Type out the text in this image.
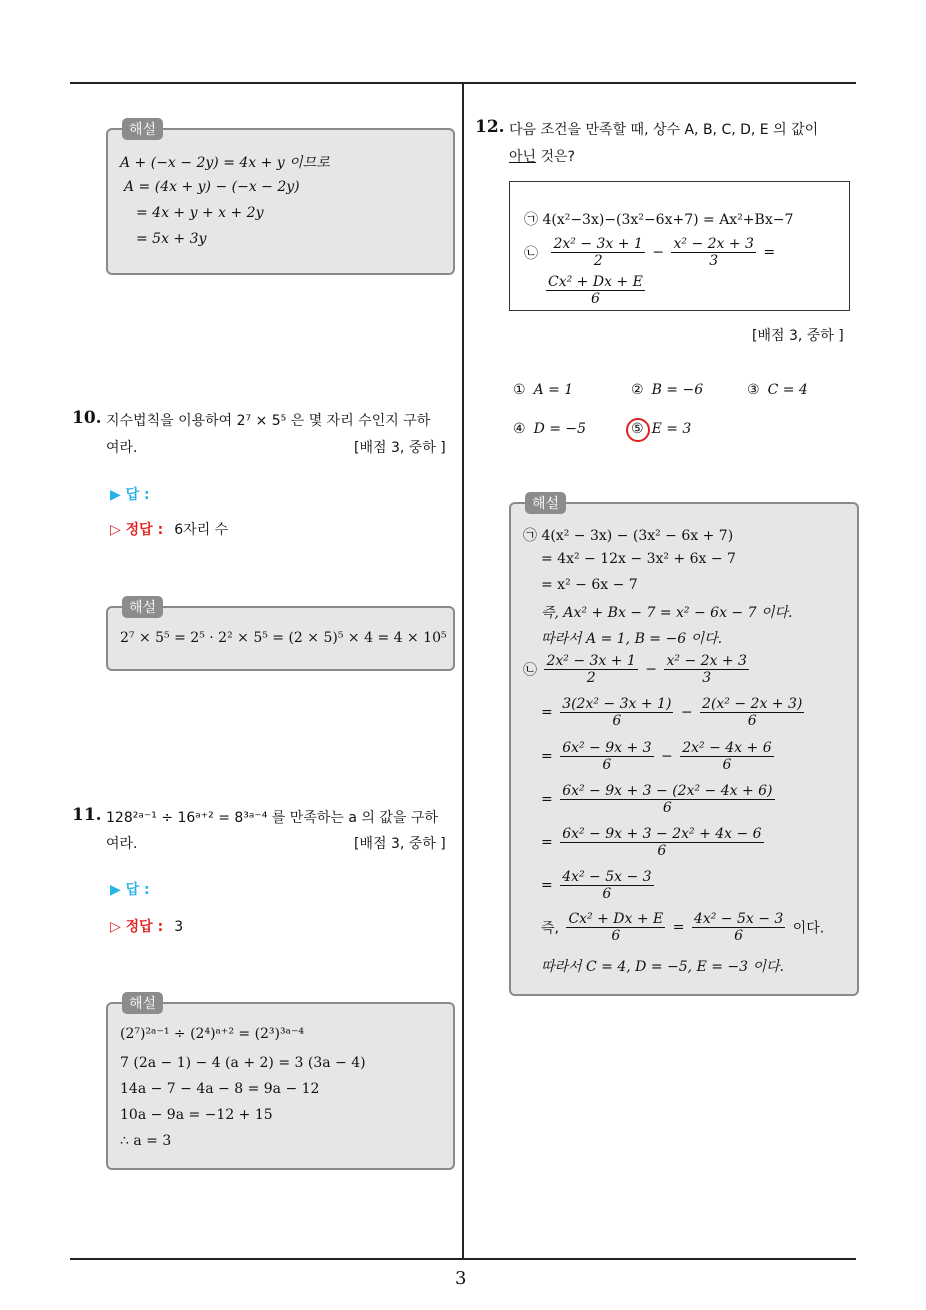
3
해설
A + (−x − 2y) = 4x + y 이므로
A = (4x + y) − (−x − 2y)
= 4x + y + x + 2y
= 5x + 3y
10. 지수법칙을 이용하여 2⁷ × 5⁵ 은 몇 자리 수인지 구하
여라.	[배점 3, 중하 ]
▶ 답 :
▷ 정답 : 6자리 수
해설
2⁷ × 5⁵ = 2⁵ · 2² × 5⁵ = (2 × 5)⁵ × 4 = 4 × 10⁵
11. 128²ᵃ⁻¹ ÷ 16ᵃ⁺² = 8³ᵃ⁻⁴ 를 만족하는 a 의 값을 구하
여라.	[배점 3, 중하 ]
▶ 답 :
▷ 정답 : 3
해설
(2⁷)²ᵃ⁻¹ ÷ (2⁴)ᵃ⁺² = (2³)³ᵃ⁻⁴
7 (2a − 1) − 4 (a + 2) = 3 (3a − 4)
14a − 7 − 4a − 8 = 9a − 12
10a − 9a = −12 + 15
∴ a = 3
12. 다음 조건을 만족할 때, 상수 A, B, C, D, E 의 값이
아닌 것은?
㉠ 4(x²−3x)−(3x²−6x+7) = Ax²+Bx−7
㉡ $\frac{\text{2x² − 3x + 1}}{2} - \frac{\text{x² − 2x + 3}}{3}$ =
$\frac{\text{Cx² + Dx + E}}{6}$
[배점 3, 중하 ]
① A = 1	② B = −6	③ C = 4
④ D = −5	⑤ E = 3
해설
㉠ 4(x² − 3x) − (3x² − 6x + 7)
= 4x² − 12x − 3x² + 6x − 7
= x² − 6x − 7
즉, Ax² + Bx − 7 = x² − 6x − 7 이다.
따라서 A = 1, B = −6 이다.
㉡ $\frac{\text{2x² − 3x + 1}}{2} - \frac{\text{x² − 2x + 3}}{3}$
= $\frac{\text{3(2x² − 3x + 1)}}{6} - \frac{\text{2(x² − 2x + 3)}}{6}$
= $\frac{\text{6x² − 9x + 3}}{6} - \frac{\text{2x² − 4x + 6}}{6}$
= $\frac{\text{6x² − 9x + 3 − (2x² − 4x + 6)}}{6}$
= $\frac{\text{6x² − 9x + 3 − 2x² + 4x − 6}}{6}$
= $\frac{\text{4x² − 5x − 3}}{6}$
즉, $\frac{\text{Cx² + Dx + E}}{6} = \frac{\text{4x² − 5x − 3}}{6}$ 이다.
따라서 C = 4, D = −5, E = −3 이다.
